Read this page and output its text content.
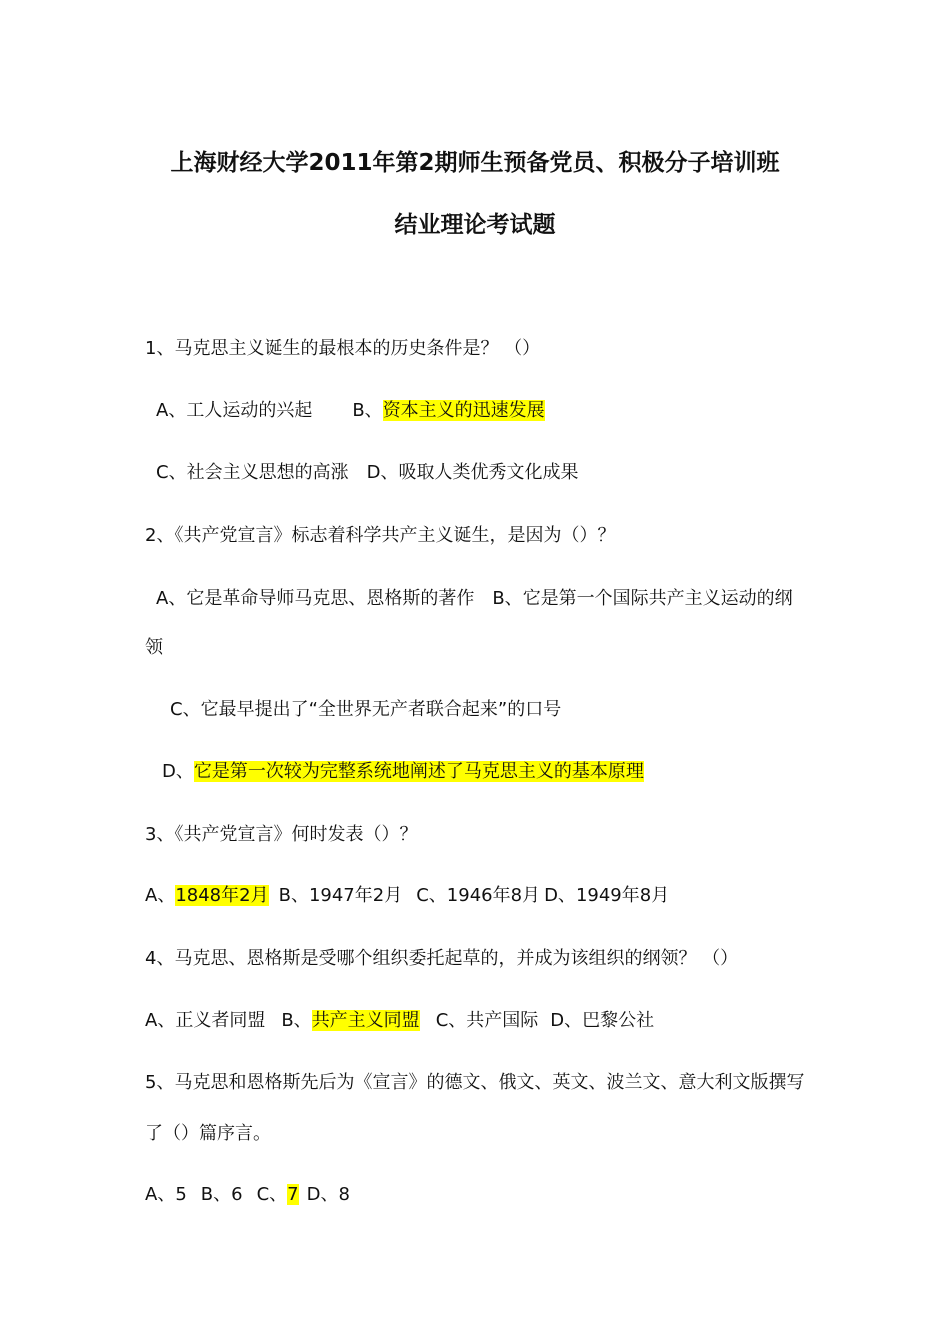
上海财经大学2011年第2期师生预备党员、积极分子培训班
结业理论考试题
1、马克思主义诞生的最根本的历史条件是？ （）
A、工人运动的兴起 B、资本主义的迅速发展
C、社会主义思想的高涨 D、吸取人类优秀文化成果
2、《共产党宣言》标志着科学共产主义诞生，是因为（）？
A、它是革命导师马克思、恩格斯的著作 B、它是第一个国际共产主义运动的纲
领
C、它最早提出了“全世界无产者联合起来”的口号
D、它是第一次较为完整系统地阐述了马克思主义的基本原理
3、《共产党宣言》何时发表（）？
A、1848年2月 B、1947年2月 C、1946年8月 D、1949年8月
4、马克思、恩格斯是受哪个组织委托起草的，并成为该组织的纲领？ （）
A、正义者同盟 B、共产主义同盟 C、共产国际 D、巴黎公社
5、马克思和恩格斯先后为《宣言》的德文、俄文、英文、波兰文、意大利文版撰写
了（）篇序言。
A、5 B、6 C、7 D、8
